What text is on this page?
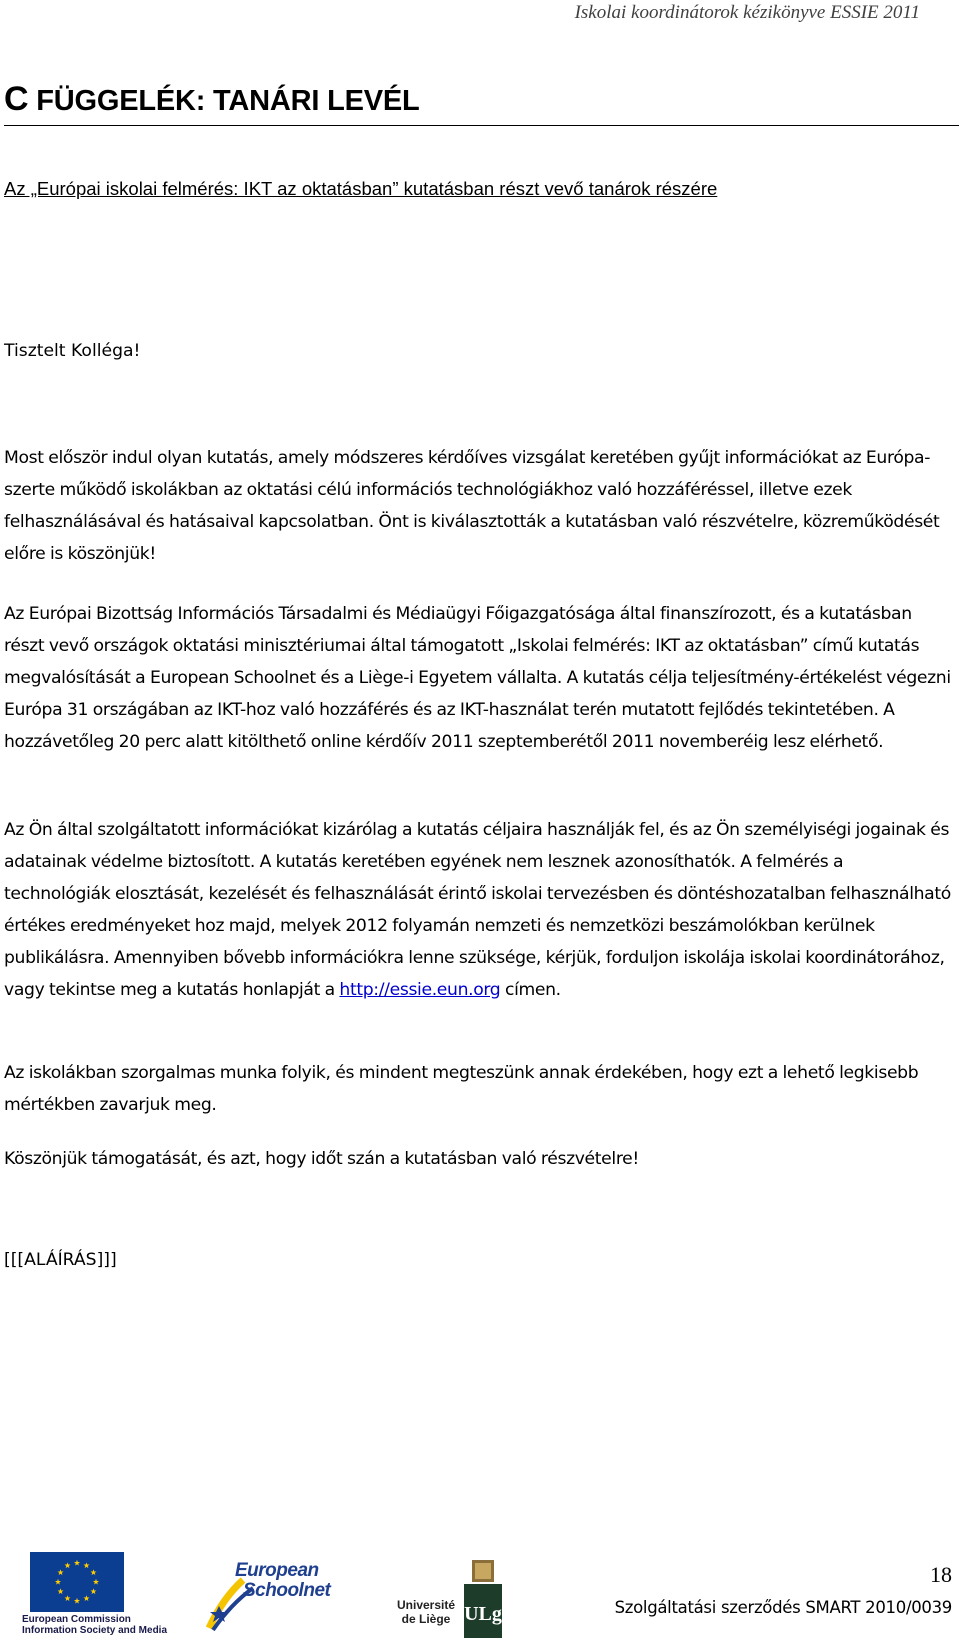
Iskolai koordinátorok kézikönyve ESSIE 2011
C FÜGGELÉK: TANÁRI LEVÉL
Az „Európai iskolai felmérés: IKT az oktatásban” kutatásban részt vevő tanárok részére
Tisztelt Kolléga!

Most először indul olyan kutatás, amely módszeres kérdőíves vizsgálat keretében gyűjt információkat az Európa-szerte működő iskolákban az oktatási célú információs technológiákhoz való hozzáféréssel, illetve ezek felhasználásával és hatásaival kapcsolatban. Önt is kiválasztották a kutatásban való részvételre, közreműködését előre is köszönjük!

Az Európai Bizottság Információs Társadalmi és Médiaügyi Főigazgatósága által finanszírozott, és a kutatásban részt vevő országok oktatási minisztériumai által támogatott „Iskolai felmérés: IKT az oktatásban” című kutatás megvalósítását a European Schoolnet és a Liège-i Egyetem vállalta. A kutatás célja teljesítmény-értékelést végezni Európa 31 országában az IKT-hoz való hozzáférés és az IKT-használat terén mutatott fejlődés tekintetében. A hozzávetőleg 20 perc alatt kitölthető online kérdőív 2011 szeptemberétől 2011 novemberéig lesz elérhető.

Az Ön által szolgáltatott információkat kizárólag a kutatás céljaira használják fel, és az Ön személyiségi jogainak és adatainak védelme biztosított. A kutatás keretében egyének nem lesznek azonosíthatók. A felmérés a technológiák elosztását, kezelését és felhasználását érintő iskolai tervezésben és döntéshozatalban felhasználható értékes eredményeket hoz majd, melyek 2012 folyamán nemzeti és nemzetközi beszámolókban kerülnek publikálásra. Amennyiben bővebb információkra lenne szüksége, kérjük, forduljon iskolája iskolai koordinátorához, vagy tekintse meg a kutatás honlapját a http://essie.eun.org címen.

Az iskolákban szorgalmas munka folyik, és mindent megteszünk annak érdekében, hogy ezt a lehető legkisebb mértékben zavarjuk meg.

Köszönjük támogatását, és azt, hogy időt szán a kutatásban való részvételre!

[[[ALÁÍRÁS]]]
European Commission
Information Society and Media
European
Schoolnet
ULg
Université
de Liège
18
Szolgáltatási szerződés SMART 2010/0039
